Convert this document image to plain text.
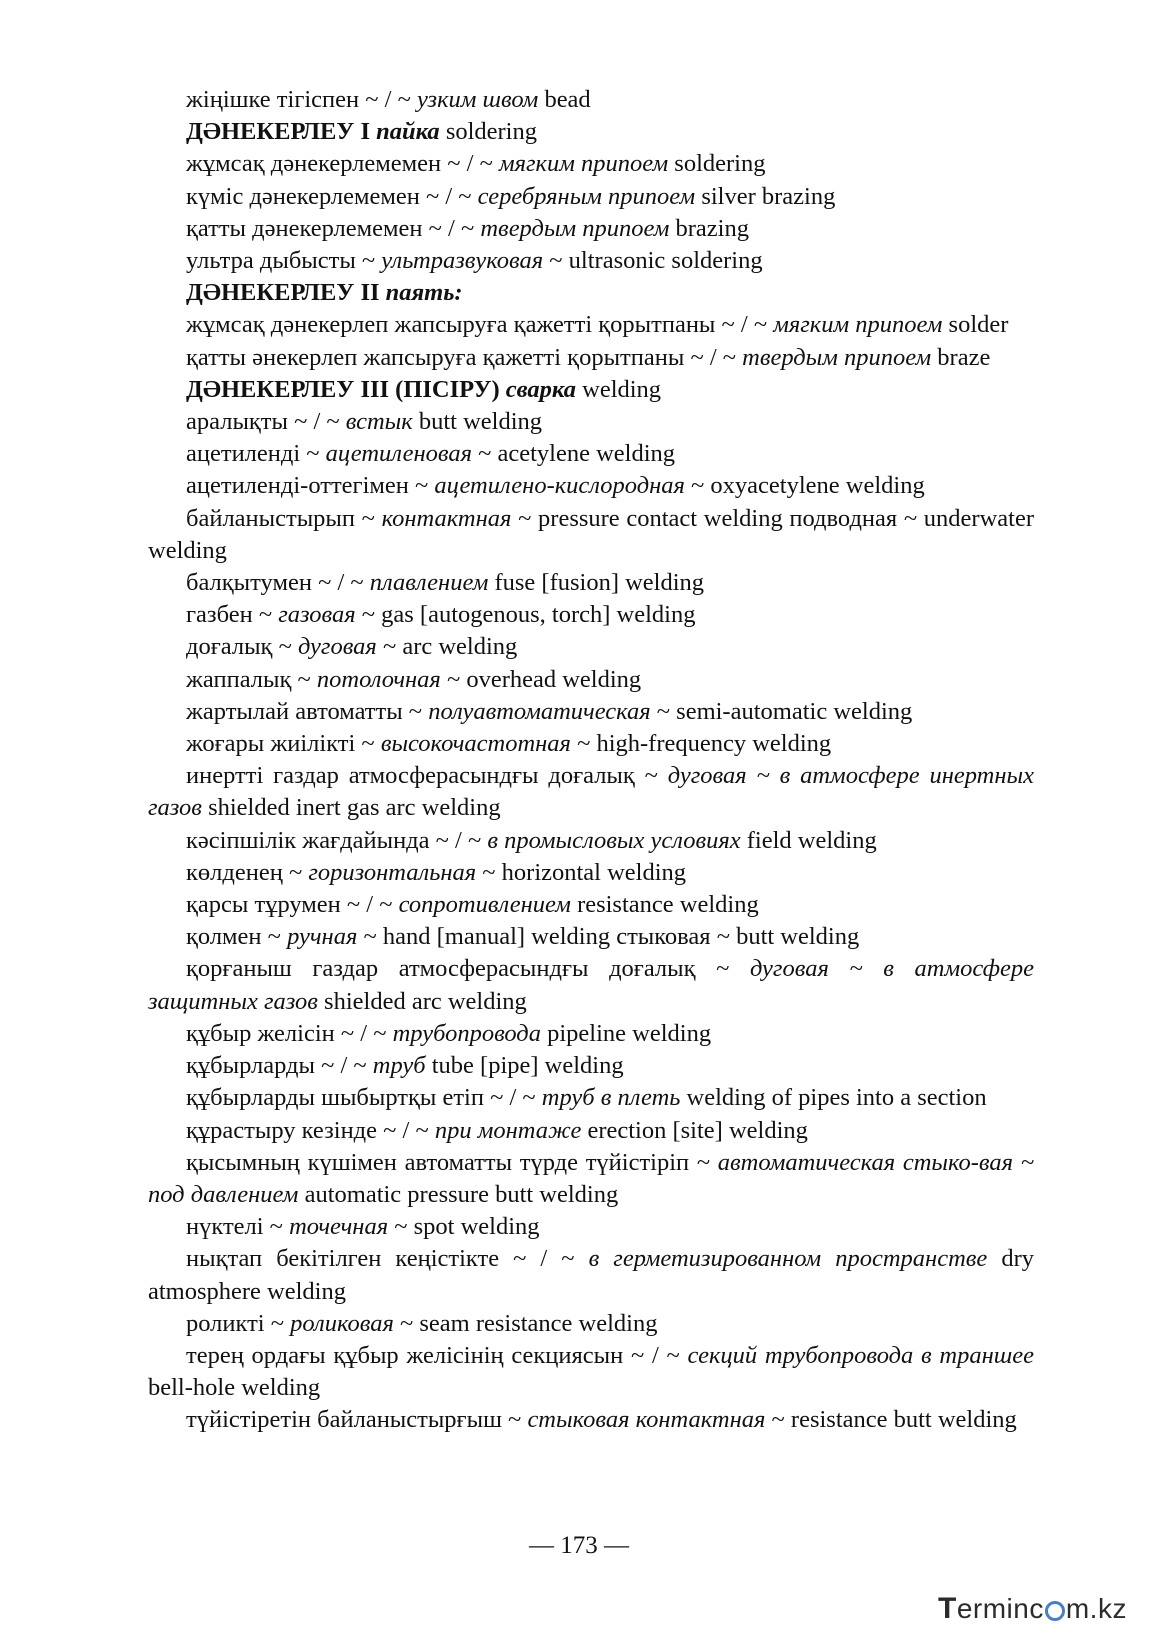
жіңішке тігіспен ~ / ~ узким швом bead

ДӘНЕКЕРЛЕУ I пайка soldering

жұмсақ дәнекерлемемен ~ / ~ мягким припоем soldering

күміс дәнекерлемемен ~ / ~ серебряным припоем silver brazing

қатты дәнекерлемемен ~ / ~ твердым припоем brazing

ультра дыбысты ~ ультразвуковая ~ ultrasonic soldering

ДӘНЕКЕРЛЕУ II паять:

жұмсақ дәнекерлеп жапсыруға қажетті қорытпаны ~ / ~ мягким припоем solder

қатты әнекерлеп жапсыруға қажетті қорытпаны ~ / ~ твердым припоем braze

ДӘНЕКЕРЛЕУ III (ПІСІРУ) сварка welding

аралықты ~ / ~ встык butt welding

ацетиленді ~ ацетиленовая ~ acetylene welding

ацетиленді-оттегімен ~ ацетилено-кислородная ~ oxyacetylene welding

байланыстырып ~ контактная ~ pressure contact welding подводная ~ underwater welding

балқытумен ~ / ~ плавлением fuse [fusion] welding

газбен ~ газовая ~ gas [autogenous, torch] welding

доғалық ~ дуговая ~ arc welding

жаппалық ~ потолочная ~ overhead welding

жартылай автоматты ~ полуавтоматическая ~ semi-automatic welding

жоғары жиілікті ~ высокочастотная ~ high-frequency welding

инертті газдар атмосферасындғы доғалық ~ дуговая ~ в атмосфере инертных газов shielded inert gas arc welding

кәсіпшілік жағдайында ~ / ~ в промысловых условиях field welding

көлденең ~ горизонтальная ~ horizontal welding

қарсы тұрумен ~ / ~ сопротивлением resistance welding

қолмен ~ ручная ~ hand [manual] welding стыковая ~ butt welding

қорғаныш газдар атмосферасындғы доғалық ~ дуговая ~ в атмосфере защитных газов shielded arc welding

құбыр желісін ~ / ~ трубопровода pipeline welding

құбырларды ~ / ~ труб tube [pipe] welding

құбырларды шыбыртқы етіп ~ / ~ труб в плеть welding of pipes into a section

құрастыру кезінде ~ / ~ при монтаже erection [site] welding

қысымның күшімен автоматты түрде түйістіріп ~ автоматическая стыко-вая ~ под давлением automatic pressure butt welding

нүктелі ~ точечная ~ spot welding

нықтап бекітілген кеңістікте ~ / ~ в герметизированном пространстве dry atmosphere welding

роликті ~ роликовая ~ seam resistance welding

терең ордағы құбыр желісінің секциясын ~ / ~ секций трубопровода в траншее bell-hole welding

түйістіретін байланыстырғыш ~ стыковая контактная ~ resistance butt welding

— 173 —
Terminc m.kz
